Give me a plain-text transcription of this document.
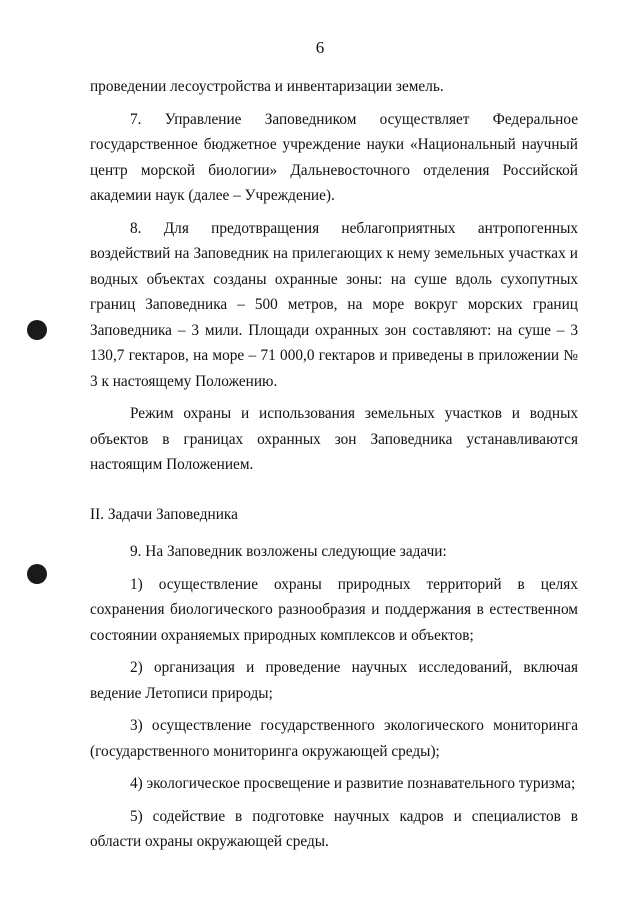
6

проведении лесоустройства и инвентаризации земель.

7. Управление Заповедником осуществляет Федеральное государственное бюджетное учреждение науки «Национальный научный центр морской биологии» Дальневосточного отделения Российской академии наук (далее – Учреждение).

8. Для предотвращения неблагоприятных антропогенных воздействий на Заповедник на прилегающих к нему земельных участках и водных объектах созданы охранные зоны: на суше вдоль сухопутных границ Заповедника – 500 метров, на море вокруг морских границ Заповедника – 3 мили. Площади охранных зон составляют: на суше – 3 130,7 гектаров, на море – 71 000,0 гектаров и приведены в приложении № 3 к настоящему Положению.

Режим охраны и использования земельных участков и водных объектов в границах охранных зон Заповедника устанавливаются настоящим Положением.

II. Задачи Заповедника

9. На Заповедник возложены следующие задачи:

1) осуществление охраны природных территорий в целях сохранения биологического разнообразия и поддержания в естественном состоянии охраняемых природных комплексов и объектов;

2) организация и проведение научных исследований, включая ведение Летописи природы;

3) осуществление государственного экологического мониторинга (государственного мониторинга окружающей среды);

4) экологическое просвещение и развитие познавательного туризма;

5) содействие в подготовке научных кадров и специалистов в области охраны окружающей среды.
